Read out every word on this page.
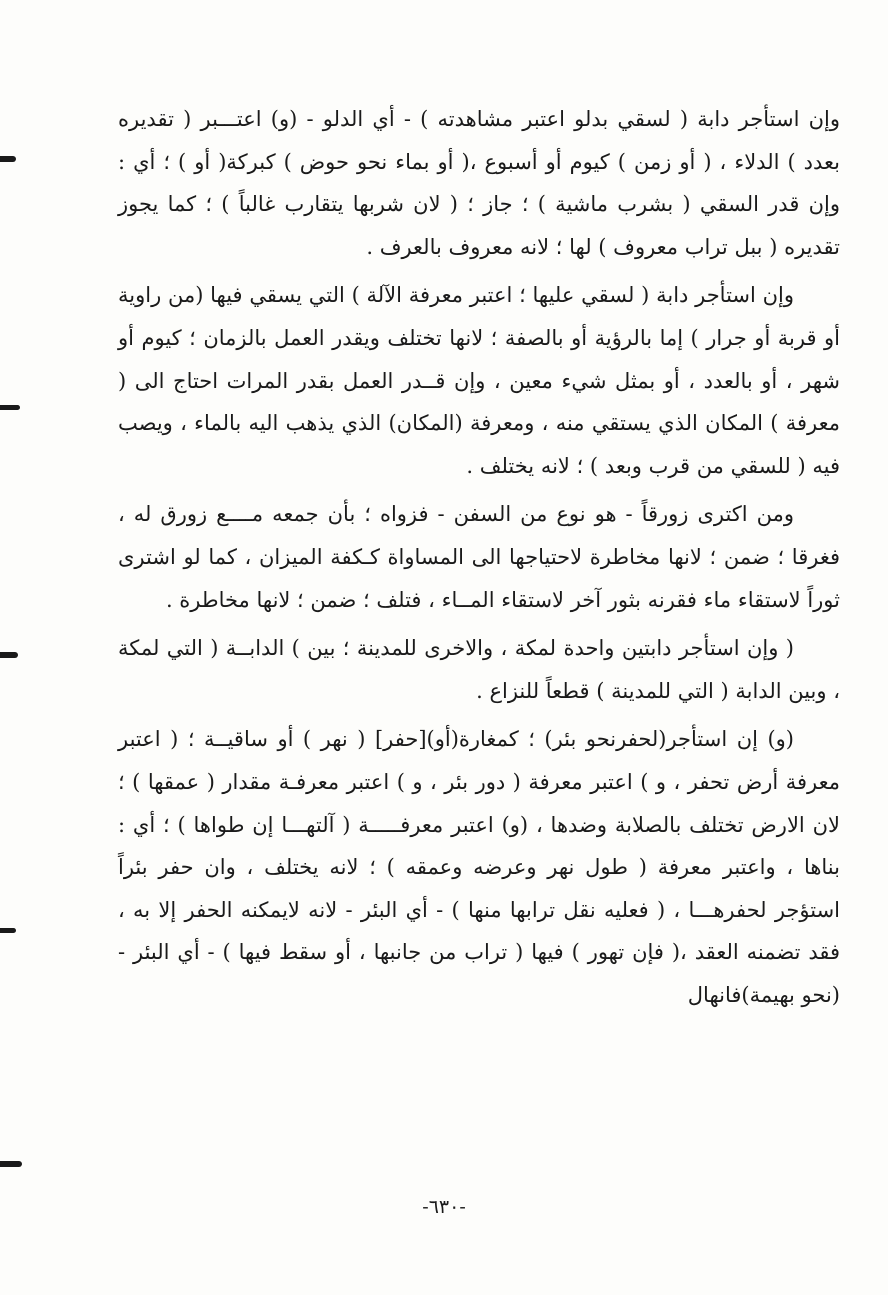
وإن استأجر دابة ( لسقي بدلو اعتبر مشاهدته ) - أي الدلو - (و) اعتـــبر ( تقديره بعدد ) الدلاء ، ( أو زمن ) كيوم أو أسبوع ،( أو بماء نحو حوض ) كبركة( أو ) ؛ أي : وإن قدر السقي ( بشرب ماشية ) ؛ جاز ؛ ( لان شربها يتقارب غالباً ) ؛ كما يجوز تقديره ( ببل تراب معروف ) لها ؛ لانه معروف بالعرف .

وإن استأجر دابة ( لسقي عليها ؛ اعتبر معرفة الآلة ) التي يسقي فيها (من راوية أو قربة أو جرار ) إما بالرؤية أو بالصفة ؛ لانها تختلف ويقدر العمل بالزمان ؛ كيوم أو شهر ، أو بالعدد ، أو بمثل شيء معين ، وإن قــدر العمل بقدر المرات احتاج الى ( معرفة ) المكان الذي يستقي منه ، ومعرفة (المكان) الذي يذهب اليه بالماء ، ويصب فيه ( للسقي من قرب وبعد ) ؛ لانه يختلف .

ومن اكترى زورقاً - هو نوع من السفن - فزواه ؛ بأن جمعه مــــع زورق له ، فغرقا ؛ ضمن ؛ لانها مخاطرة لاحتياجها الى المساواة كـكفة الميزان ، كما لو اشترى ثوراً لاستقاء ماء فقرنه بثور آخر لاستقاء المــاء ، فتلف ؛ ضمن ؛ لانها مخاطرة .

( وإن استأجر دابتين واحدة لمكة ، والاخرى للمدينة ؛ بين ) الدابــة ( التي لمكة ، وبين الدابة ( التي للمدينة ) قطعاً للنزاع .

(و) إن استأجر(لحفرنحو بئر) ؛ كمغارة(أو)[حفر] ( نهر ) أو ساقيــة ؛ ( اعتبر معرفة أرض تحفر ، و ) اعتبر معرفة ( دور بئر ، و ) اعتبر معرفـة مقدار ( عمقها ) ؛ لان الارض تختلف بالصلابة وضدها ، (و) اعتبر معرفـــــة ( آلتهـــا إن طواها ) ؛ أي : بناها ، واعتبر معرفة ( طول نهر وعرضه وعمقه ) ؛ لانه يختلف ، وان حفر بئراً استؤجر لحفرهـــا ، ( فعليه نقل ترابها منها ) - أي البئر - لانه لايمكنه الحفر إلا به ، فقد تضمنه العقد ،( فإن تهور ) فيها ( تراب من جانبها ، أو سقط فيها ) - أي البئر -(نحو بهيمة)فانهال

-٦٣٠-
